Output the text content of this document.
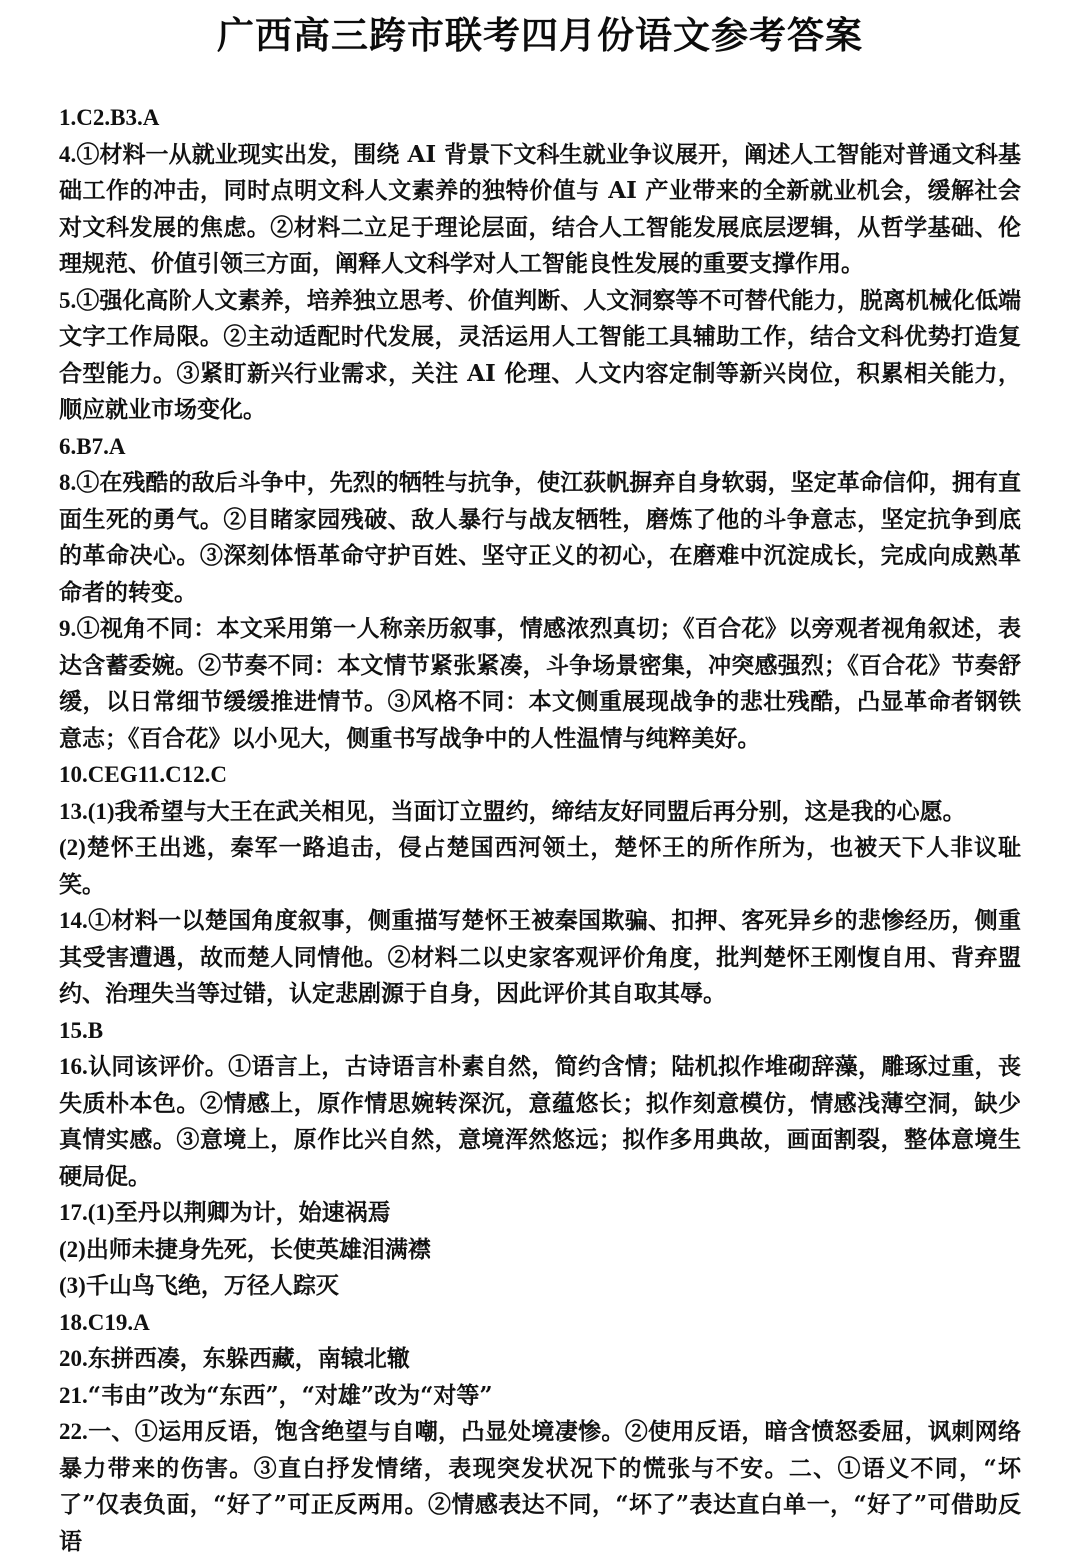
广西高三跨市联考四月份语文参考答案

1.C2.B3.A

4.①材料一从就业现实出发，围绕 AI 背景下文科生就业争议展开，阐述人工智能对普通文科基础工作的冲击，同时点明文科人文素养的独特价值与 AI 产业带来的全新就业机会，缓解社会对文科发展的焦虑。②材料二立足于理论层面，结合人工智能发展底层逻辑，从哲学基础、伦理规范、价值引领三方面，阐释人文科学对人工智能良性发展的重要支撑作用。

5.①强化高阶人文素养，培养独立思考、价值判断、人文洞察等不可替代能力，脱离机械化低端文字工作局限。②主动适配时代发展，灵活运用人工智能工具辅助工作，结合文科优势打造复合型能力。③紧盯新兴行业需求，关注 AI 伦理、人文内容定制等新兴岗位，积累相关能力，顺应就业市场变化。

6.B7.A

8.①在残酷的敌后斗争中，先烈的牺牲与抗争，使江荻帆摒弃自身软弱，坚定革命信仰，拥有直面生死的勇气。②目睹家园残破、敌人暴行与战友牺牲，磨炼了他的斗争意志，坚定抗争到底的革命决心。③深刻体悟革命守护百姓、坚守正义的初心，在磨难中沉淀成长，完成向成熟革命者的转变。

9.①视角不同：本文采用第一人称亲历叙事，情感浓烈真切；《百合花》以旁观者视角叙述，表达含蓄委婉。②节奏不同：本文情节紧张紧凑，斗争场景密集，冲突感强烈；《百合花》节奏舒缓，以日常细节缓缓推进情节。③风格不同：本文侧重展现战争的悲壮残酷，凸显革命者钢铁意志；《百合花》以小见大，侧重书写战争中的人性温情与纯粹美好。

10.CEG11.C12.C

13.(1)我希望与大王在武关相见，当面订立盟约，缔结友好同盟后再分别，这是我的心愿。

(2)楚怀王出逃，秦军一路追击，侵占楚国西河领土，楚怀王的所作所为，也被天下人非议耻笑。

14.①材料一以楚国角度叙事，侧重描写楚怀王被秦国欺骗、扣押、客死异乡的悲惨经历，侧重其受害遭遇，故而楚人同情他。②材料二以史家客观评价角度，批判楚怀王刚愎自用、背弃盟约、治理失当等过错，认定悲剧源于自身，因此评价其自取其辱。

15.B

16.认同该评价。①语言上，古诗语言朴素自然，简约含情；陆机拟作堆砌辞藻，雕琢过重，丧失质朴本色。②情感上，原作情思婉转深沉，意蕴悠长；拟作刻意模仿，情感浅薄空洞，缺少真情实感。③意境上，原作比兴自然，意境浑然悠远；拟作多用典故，画面割裂，整体意境生硬局促。

17.(1)至丹以荆卿为计，始速祸焉

(2)出师未捷身先死，长使英雄泪满襟

(3)千山鸟飞绝，万径人踪灭

18.C19.A

20.东拼西凑，东躲西藏，南辕北辙

21.“韦由”改为“东西”，“对雄”改为“对等”

22.一、①运用反语，饱含绝望与自嘲，凸显处境凄惨。②使用反语，暗含愤怒委屈，讽刺网络暴力带来的伤害。③直白抒发情绪，表现突发状况下的慌张与不安。二、①语义不同，“坏了”仅表负面，“好了”可正反两用。②情感表达不同，“坏了”表达直白单一，“好了”可借助反语
